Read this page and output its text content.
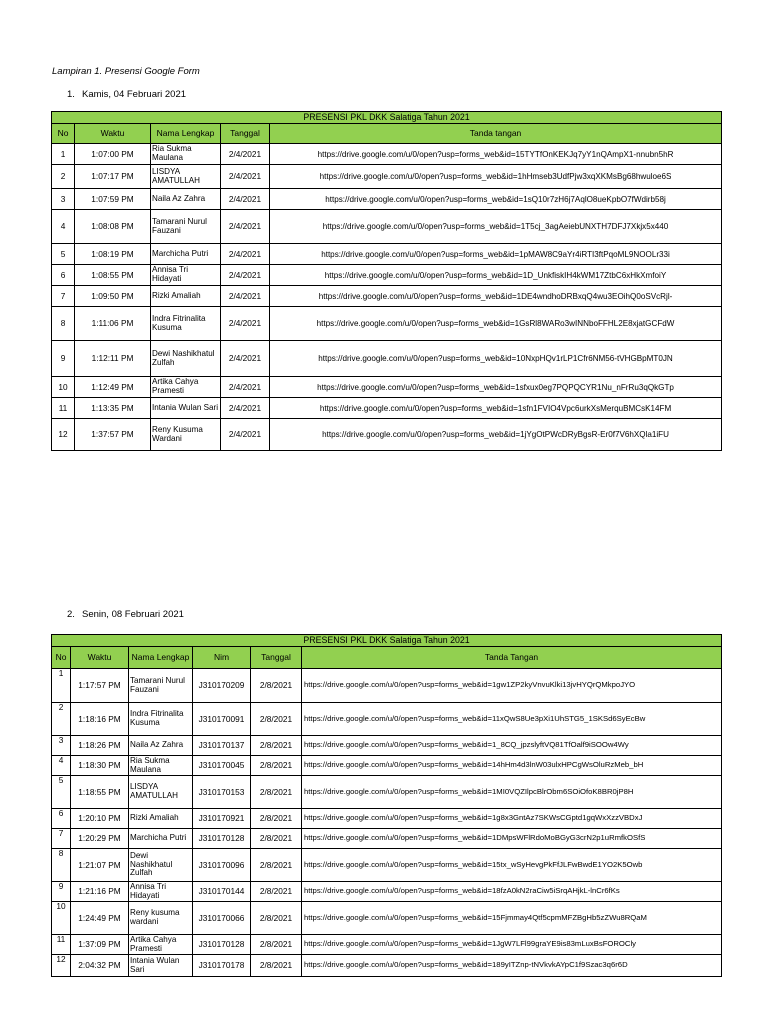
Lampiran 1. Presensi Google Form
1. Kamis, 04 Februari 2021
PRESENSI PKL DKK Salatiga Tahun 2021				
No	Waktu	Nama Lengkap	Tanggal	Tanda tangan
1	1:07:00 PM	Ria Sukma Maulana	2/4/2021	https://drive.google.com/u/0/open?usp=forms_web&id=15TYTfOnKEKJq7yY1nQAmpX1-nnubn5hR
2	1:07:17 PM	LISDYA AMATULLAH	2/4/2021	https://drive.google.com/u/0/open?usp=forms_web&id=1hHmseb3UdfPjw3xqXKMsBg68hwuloe6S
3	1:07:59 PM	Naila Az Zahra	2/4/2021	https://drive.google.com/u/0/open?usp=forms_web&id=1sQ10r7zH6j7AqlO8ueKpbO7fWdirb58j
4	1:08:08 PM	Tamarani Nurul Fauzani	2/4/2021	https://drive.google.com/u/0/open?usp=forms_web&id=1T5cj_3agAeiebUNXTH7DFJ7Xkjx5x440
5	1:08:19 PM	Marchicha Putri	2/4/2021	https://drive.google.com/u/0/open?usp=forms_web&id=1pMAW8C9aYr4iRTI3ftPqoML9NOOLr33i
6	1:08:55 PM	Annisa Tri Hidayati	2/4/2021	https://drive.google.com/u/0/open?usp=forms_web&id=1D_UnkfiskIH4kWM17ZtbC6xHkXmfoiY
7	1:09:50 PM	Rizki Amaliah	2/4/2021	https://drive.google.com/u/0/open?usp=forms_web&id=1DE4wndhoDRBxqQ4wu3EOihQ0oSVcRjl-
8	1:11:06 PM	Indra Fitrinalita Kusuma	2/4/2021	https://drive.google.com/u/0/open?usp=forms_web&id=1GsRl8WARo3wINNboFFHL2E8xjatGCFdW
9	1:12:11 PM	Dewi Nashikhatul Zulfah	2/4/2021	https://drive.google.com/u/0/open?usp=forms_web&id=10NxpHQv1rLP1Cfr6NM56-tVHGBpMT0JN
10	1:12:49 PM	Artika Cahya Pramesti	2/4/2021	https://drive.google.com/u/0/open?usp=forms_web&id=1sfxux0eg7PQPQCYR1Nu_nFrRu3qQkGTp
11	1:13:35 PM	Intania Wulan Sari	2/4/2021	https://drive.google.com/u/0/open?usp=forms_web&id=1sfn1FVIO4Vpc6urkXsMerquBMCsK14FM
12	1:37:57 PM	Reny Kusuma Wardani	2/4/2021	https://drive.google.com/u/0/open?usp=forms_web&id=1jYgOtPWcDRyBgsR-Er0f7V6hXQla1iFU
2. Senin, 08 Februari 2021
PRESENSI PKL DKK Salatiga Tahun 2021					
No	Waktu	Nama Lengkap	Nim	Tanggal	Tanda Tangan
1	1:17:57 PM	Tamarani Nurul Fauzani	J310170209	2/8/2021	https://drive.google.com/u/0/open?usp=forms_web&id=1gw1ZP2kyVnvuKlki13jvHYQrQMkpoJYO
2	1:18:16 PM	Indra Fitrinalita Kusuma	J310170091	2/8/2021	https://drive.google.com/u/0/open?usp=forms_web&id=11xQwS8Ue3pXi1UhSTG5_1SKSd6SyEcBw
3	1:18:26 PM	Naila Az Zahra	J310170137	2/8/2021	https://drive.google.com/u/0/open?usp=forms_web&id=1_8CQ_jpzslyftVQ81TfOalf9iSOOw4Wy
4	1:18:30 PM	Ria Sukma Maulana	J310170045	2/8/2021	https://drive.google.com/u/0/open?usp=forms_web&id=14hHm4d3lnW03ulxHPCgWsOluRzMeb_bH
5	1:18:55 PM	LISDYA AMATULLAH	J310170153	2/8/2021	https://drive.google.com/u/0/open?usp=forms_web&id=1MI0VQZIlpcBlrObm6SOiOfoK8BR0jP8H
6	1:20:10 PM	Rizki Amaliah	J310170921	2/8/2021	https://drive.google.com/u/0/open?usp=forms_web&id=1g8x3GntAz7SKWsCGptd1gqWxXzzVBDxJ
7	1:20:29 PM	Marchicha Putri	J310170128	2/8/2021	https://drive.google.com/u/0/open?usp=forms_web&id=1DMpsWFlRdoMoBGyG3crN2p1uRmfkOSfS
8	1:21:07 PM	Dewi Nashikhatul Zulfah	J310170096	2/8/2021	https://drive.google.com/u/0/open?usp=forms_web&id=15tx_wSyHevgPkFfJLFwBwdE1YO2K5Owb
9	1:21:16 PM	Annisa Tri Hidayati	J310170144	2/8/2021	https://drive.google.com/u/0/open?usp=forms_web&id=18fzA0kN2raCiw5iSrqAHjkL-lnCr6fKs
10	1:24:49 PM	Reny kusuma wardani	J310170066	2/8/2021	https://drive.google.com/u/0/open?usp=forms_web&id=15Fjmmay4Qtf5cpmMFZBgHb5zZWu8RQaM
11	1:37:09 PM	Artika Cahya Pramesti	J310170128	2/8/2021	https://drive.google.com/u/0/open?usp=forms_web&id=1JgW7LFl99graYE9is83mLuxBsFOROCly
12	2:04:32 PM	Intania Wulan Sari	J310170178	2/8/2021	https://drive.google.com/u/0/open?usp=forms_web&id=189yITZnp-tNVkvkAYpC1f9Szac3q6r6D
